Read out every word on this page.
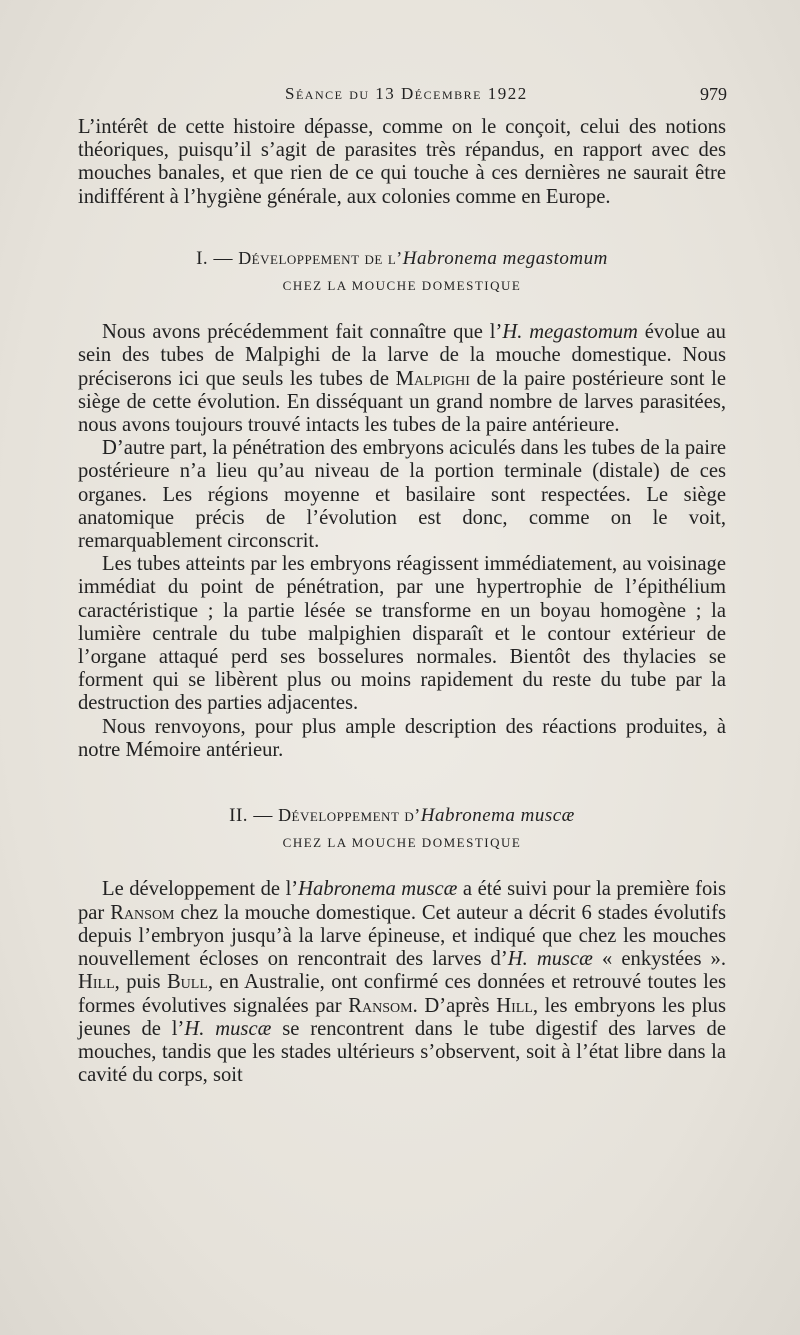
Séance du 13 Décembre 1922	979

L’intérêt de cette histoire dépasse, comme on le conçoit, celui des notions théoriques, puisqu’il s’agit de parasites très répandus, en rapport avec des mouches banales, et que rien de ce qui touche à ces dernières ne saurait être indifférent à l’hygiène générale, aux colonies comme en Europe.

I. — Développement de l’Habronema megastomum
CHEZ LA MOUCHE DOMESTIQUE

Nous avons précédemment fait connaître que l’H. megastomum évolue au sein des tubes de Malpighi de la larve de la mouche domestique. Nous préciserons ici que seuls les tubes de Malpighi de la paire postérieure sont le siège de cette évolution. En disséquant un grand nombre de larves parasitées, nous avons toujours trouvé intacts les tubes de la paire antérieure.

D’autre part, la pénétration des embryons aciculés dans les tubes de la paire postérieure n’a lieu qu’au niveau de la portion terminale (distale) de ces organes. Les régions moyenne et basilaire sont respectées. Le siège anatomique précis de l’évolution est donc, comme on le voit, remarquablement circonscrit.

Les tubes atteints par les embryons réagissent immédiatement, au voisinage immédiat du point de pénétration, par une hypertrophie de l’épithélium caractéristique ; la partie lésée se transforme en un boyau homogène ; la lumière centrale du tube malpighien disparaît et le contour extérieur de l’organe attaqué perd ses bosselures normales. Bientôt des thylacies se forment qui se libèrent plus ou moins rapidement du reste du tube par la destruction des parties adjacentes.

Nous renvoyons, pour plus ample description des réactions produites, à notre Mémoire antérieur.

II. — Développement d’Habronema muscæ
CHEZ LA MOUCHE DOMESTIQUE

Le développement de l’Habronema muscæ a été suivi pour la première fois par Ransom chez la mouche domestique. Cet auteur a décrit 6 stades évolutifs depuis l’embryon jusqu’à la larve épineuse, et indiqué que chez les mouches nouvellement écloses on rencontrait des larves d’H. muscæ « enkystées ». Hill, puis Bull, en Australie, ont confirmé ces données et retrouvé toutes les formes évolutives signalées par Ransom. D’après Hill, les embryons les plus jeunes de l’H. muscæ se rencontrent dans le tube digestif des larves de mouches, tandis que les stades ultérieurs s’observent, soit à l’état libre dans la cavité du corps, soit
